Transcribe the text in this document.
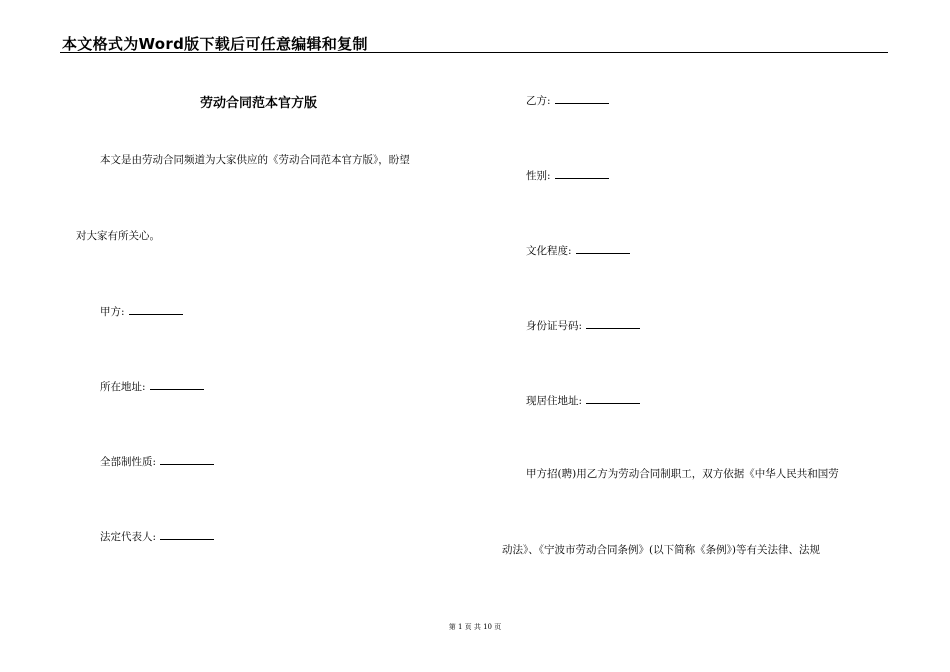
本文格式为Word版下载后可任意编辑和复制
劳动合同范本官方版
本文是由劳动合同频道为大家供应的《劳动合同范本官方版》，盼望
对大家有所关心。
甲方:
所在地址:
全部制性质:
法定代表人:
乙方:
性别:
文化程度:
身份证号码:
现居住地址:
甲方招(聘)用乙方为劳动合同制职工，双方依据《中华人民共和国劳
动法》、《宁波市劳动合同条例》(以下简称《条例》)等有关法律、法规
第 1 页 共 10 页
